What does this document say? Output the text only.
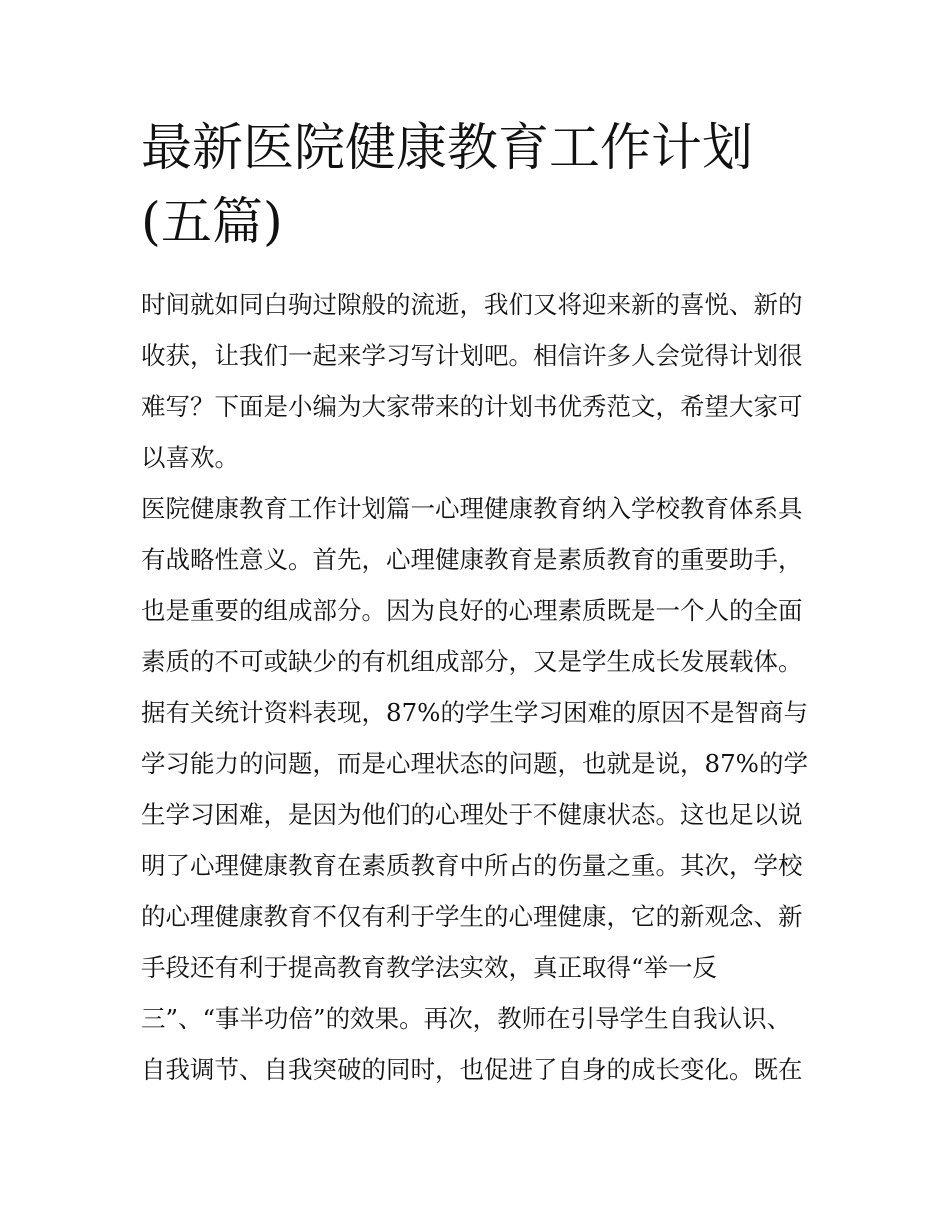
最新医院健康教育工作计划(五篇)

时间就如同白驹过隙般的流逝，我们又将迎来新的喜悦、新的
收获，让我们一起来学习写计划吧。相信许多人会觉得计划很
难写？下面是小编为大家带来的计划书优秀范文，希望大家可
以喜欢。

医院健康教育工作计划篇一心理健康教育纳入学校教育体系具
有战略性意义。首先，心理健康教育是素质教育的重要助手，
也是重要的组成部分。因为良好的心理素质既是一个人的全面
素质的不可或缺少的有机组成部分，又是学生成长发展载体。
据有关统计资料表现，87%的学生学习困难的原因不是智商与
学习能力的问题，而是心理状态的问题，也就是说，87%的学
生学习困难，是因为他们的心理处于不健康状态。这也足以说
明了心理健康教育在素质教育中所占的伤量之重。其次，学校
的心理健康教育不仅有利于学生的心理健康，它的新观念、新
手段还有利于提高教育教学法实效，真正取得“举一反
三”、“事半功倍”的效果。再次，教师在引导学生自我认识、
自我调节、自我突破的同时，也促进了自身的成长变化。既在
